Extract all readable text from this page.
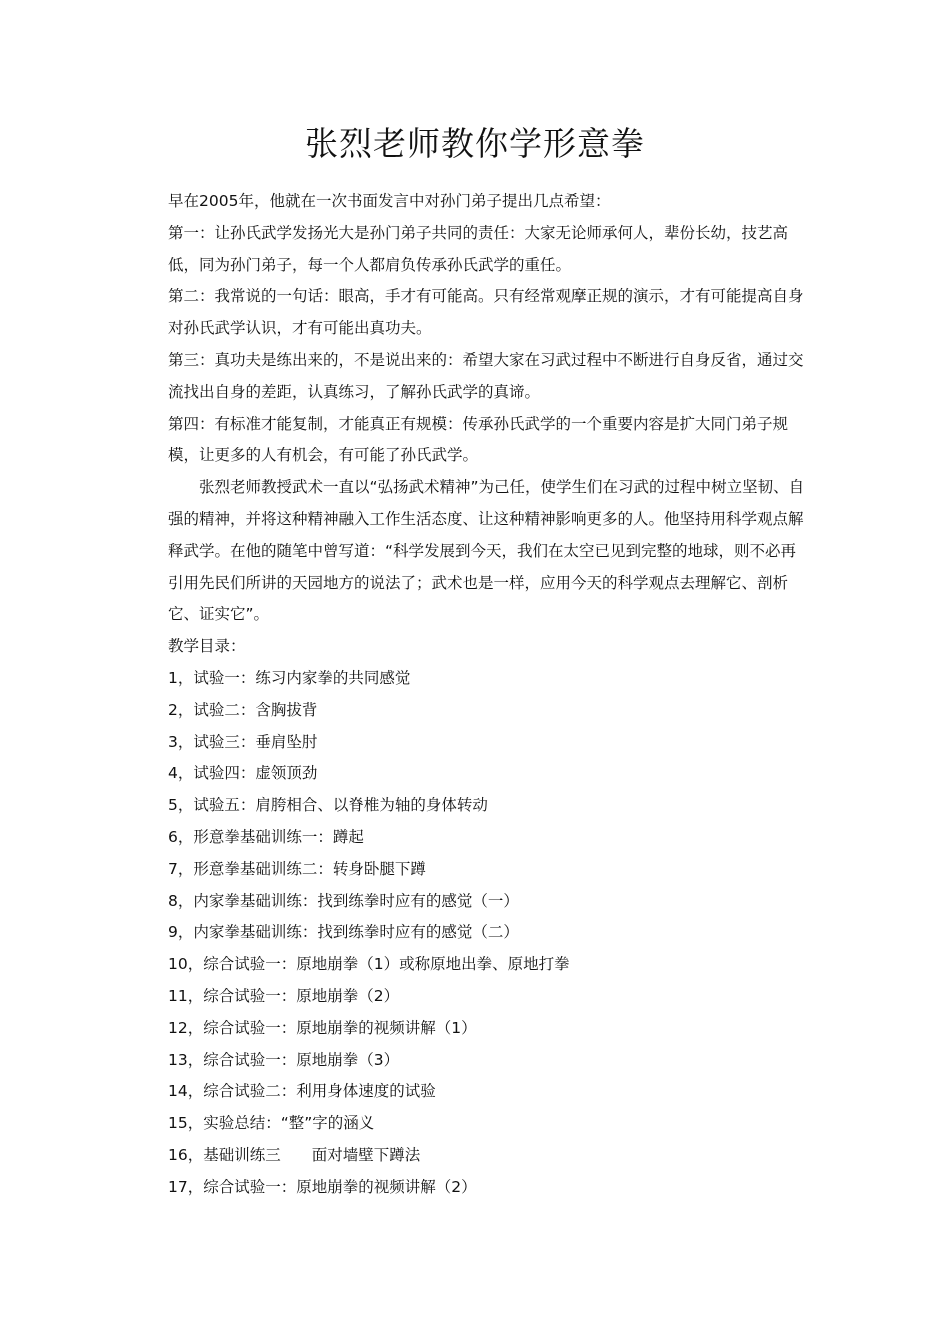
张烈老师教你学形意拳

早在2005年，他就在一次书面发言中对孙门弟子提出几点希望：

第一：让孙氏武学发扬光大是孙门弟子共同的责任：大家无论师承何人，辈份长幼，技艺高低，同为孙门弟子，每一个人都肩负传承孙氏武学的重任。

第二：我常说的一句话：眼高，手才有可能高。只有经常观摩正规的演示，才有可能提高自身对孙氏武学认识，才有可能出真功夫。

第三：真功夫是练出来的，不是说出来的：希望大家在习武过程中不断进行自身反省，通过交流找出自身的差距，认真练习，了解孙氏武学的真谛。

第四：有标准才能复制，才能真正有规模：传承孙氏武学的一个重要内容是扩大同门弟子规模，让更多的人有机会，有可能了孙氏武学。

张烈老师教授武术一直以“弘扬武术精神”为己任，使学生们在习武的过程中树立坚韧、自强的精神，并将这种精神融入工作生活态度、让这种精神影响更多的人。他坚持用科学观点解释武学。在他的随笔中曾写道：“科学发展到今天，我们在太空已见到完整的地球，则不必再引用先民们所讲的天园地方的说法了；武术也是一样，应用今天的科学观点去理解它、剖析它、证实它”。

教学目录：

1，试验一：练习内家拳的共同感觉

2，试验二：含胸拔背

3，试验三：垂肩坠肘

4，试验四：虚领顶劲

5，试验五：肩胯相合、以脊椎为轴的身体转动

6，形意拳基础训练一：蹲起

7，形意拳基础训练二：转身卧腿下蹲

8，内家拳基础训练：找到练拳时应有的感觉（一）

9，内家拳基础训练：找到练拳时应有的感觉（二）

10，综合试验一：原地崩拳（1）或称原地出拳、原地打拳

11，综合试验一：原地崩拳（2）

12，综合试验一：原地崩拳的视频讲解（1）

13，综合试验一：原地崩拳（3）

14，综合试验二：利用身体速度的试验

15，实验总结：“整”字的涵义

16，基础训练三　　面对墙壁下蹲法

17，综合试验一：原地崩拳的视频讲解（2）
